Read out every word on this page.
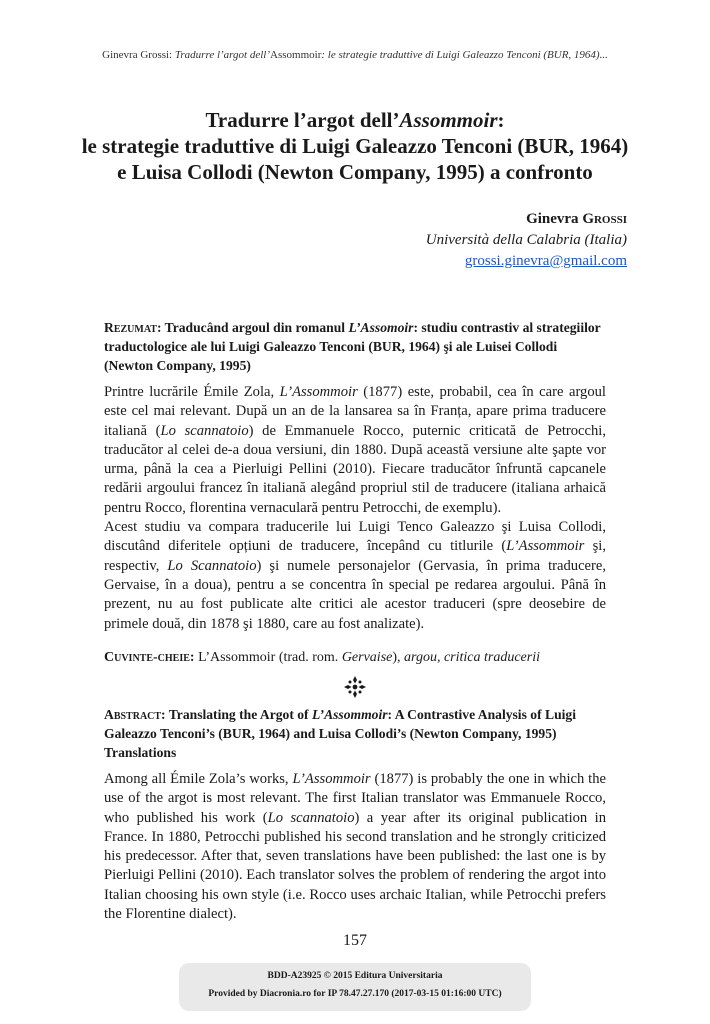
Ginevra Grossi: Tradurre l’argot dell’Assommoir: le strategie traduttive di Luigi Galeazzo Tenconi (BUR, 1964)...
Tradurre l’argot dell’Assommoir:
le strategie traduttive di Luigi Galeazzo Tenconi (BUR, 1964)
e Luisa Collodi (Newton Company, 1995) a confronto
Ginevra Grossi
Università della Calabria (Italia)
grossi.ginevra@gmail.com
Rezumat: Traducând argoul din romanul L’Assomoir: studiu contrastiv al strategiilor traductologice ale lui Luigi Galeazzo Tenconi (BUR, 1964) şi ale Luisei Collodi (Newton Company, 1995)

Printre lucrările Émile Zola, L’Assommoir (1877) este, probabil, cea în care argoul este cel mai relevant. După un an de la lansarea sa în Franța, apare prima traducere italiană (Lo scannatoio) de Emmanuele Rocco, puternic criticată de Petrocchi, traducător al celei de-a doua versiuni, din 1880. După această versiune alte şapte vor urma, până la cea a Pierluigi Pellini (2010). Fiecare traducător înfruntă capcanele redării argoului francez în italiană alegând propriul stil de traducere (italiana arhaică pentru Rocco, florentina vernaculară pentru Petrocchi, de exemplu).

Acest studiu va compara traducerile lui Luigi Tenco Galeazzo şi Luisa Collodi, discutând diferitele opțiuni de traducere, începând cu titlurile (L’Assommoir şi, respectiv, Lo Scannatoio) şi numele personajelor (Gervasia, în prima traducere, Gervaise, în a doua), pentru a se concentra în special pe redarea argoului. Până în prezent, nu au fost publicate alte critici ale acestor traduceri (spre deosebire de primele două, din 1878 şi 1880, care au fost analizate).

Cuvinte-cheie: L’Assommoir (trad. rom. Gervaise), argou, critica traducerii
Abstract: Translating the Argot of L’Assommoir: A Contrastive Analysis of Luigi Galeazzo Tenconi’s (BUR, 1964) and Luisa Collodi’s (Newton Company, 1995) Translations

Among all Émile Zola’s works, L’Assommoir (1877) is probably the one in which the use of the argot is most relevant. The first Italian translator was Emmanuele Rocco, who published his work (Lo scannatoio) a year after its original publication in France. In 1880, Petrocchi published his second translation and he strongly criticized his predecessor. After that, seven translations have been published: the last one is by Pierluigi Pellini (2010). Each translator solves the problem of rendering the argot into Italian choosing his own style (i.e. Rocco uses archaic Italian, while Petrocchi prefers the Florentine dialect).

157
BDD-A23925 © 2015 Editura Universitaria
Provided by Diacronia.ro for IP 78.47.27.170 (2017-03-15 01:16:00 UTC)
